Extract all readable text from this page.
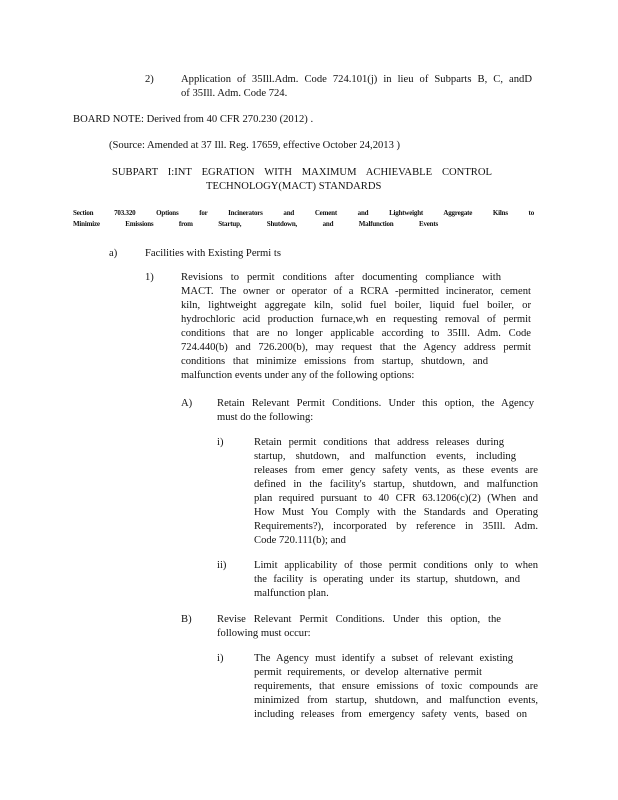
2)	Application of 35Ill.Adm. Code 724.101(j) in lieu of Subparts B, C, andD
of 35Ill. Adm. Code 724.
BOARD NOTE: Derived from 40 CFR 270.230 (2012) .
(Source: Amended at 37 Ill. Reg. 17659, effective October 24,2013 )
SUBPART I:INT EGRATION WITH MAXIMUM ACHIEVABLE CONTROL
TECHNOLOGY(MACT) STANDARDS
Section 703.320 Options for Incinerators and Cement and Lightweight Aggregate Kilns to
Minimize Emissions from Startup, Shutdown, and Malfunction Events
a)	Facilities with Existing Permi ts
1)	Revisions to permit conditions after documenting compliance with
MACT. The owner or operator of a RCRA -permitted incinerator, cement
kiln, lightweight aggregate kiln, solid fuel boiler, liquid fuel boiler, or
hydrochloric acid production furnace,wh en requesting removal of permit
conditions that are no longer applicable according to 35Ill. Adm. Code
724.440(b) and 726.200(b), may request that the Agency address permit
conditions that minimize emissions from startup, shutdown, and
malfunction events under any of the following options:
A) Retain Relevant Permit Conditions. Under this option, the Agency
must do the following:
i)	Retain permit conditions that address releases during
startup, shutdown, and malfunction events, including
releases from emer gency safety vents, as these events are
defined in the facility's startup, shutdown, and malfunction
plan required pursuant to 40 CFR 63.1206(c)(2) (When and
How Must You Comply with the Standards and Operating
Requirements?), incorporated by reference in 35Ill. Adm.
Code 720.111(b); and
ii)	Limit applicability of those permit conditions only to when
the facility is operating under its startup, shutdown, and
malfunction plan.
B) Revise Relevant Permit Conditions. Under this option, the
following must occur:
i)	The Agency must identify a subset of relevant existing
permit requirements, or develop alternative permit
requirements, that ensure emissions of toxic compounds are
minimized from startup, shutdown, and malfunction events,
including releases from emergency safety vents, based on
